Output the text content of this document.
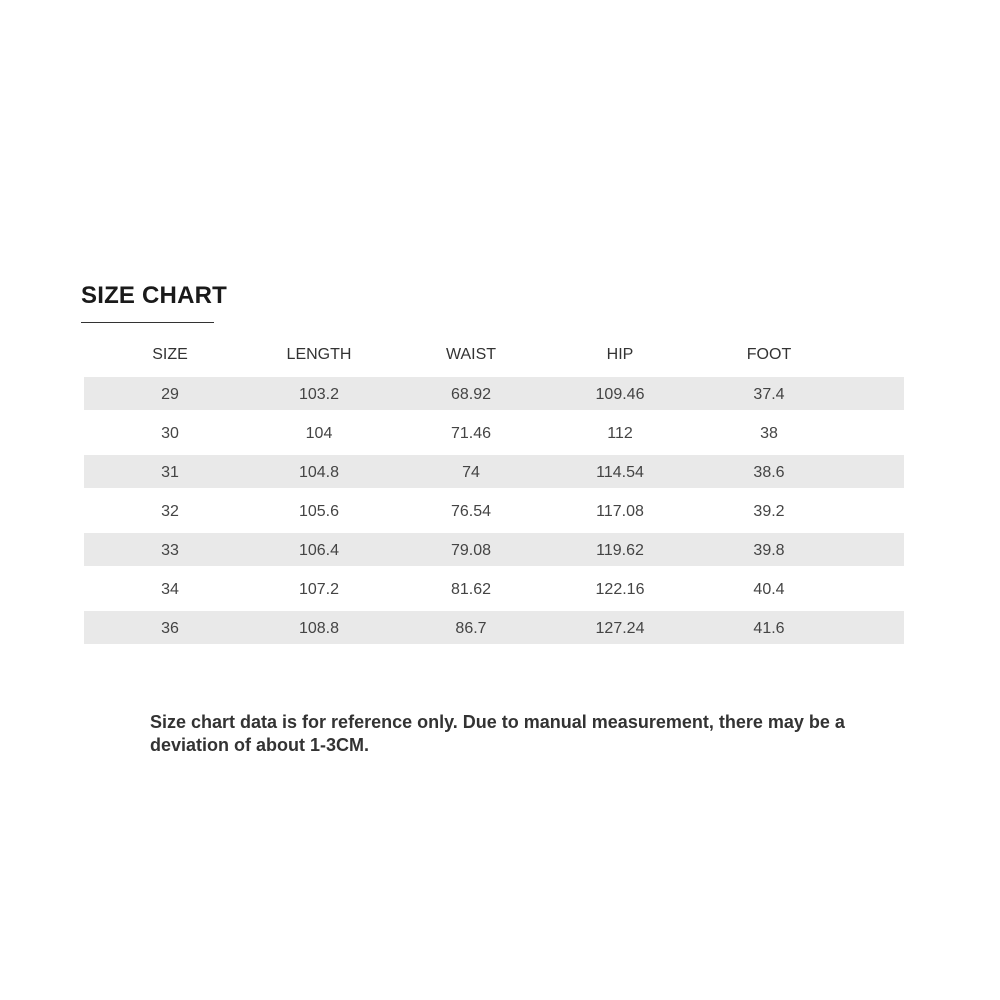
SIZE CHART
SIZE	LENGTH	WAIST	HIP	FOOT
29	103.2	68.92	109.46	37.4
30	104	71.46	112	38
31	104.8	74	114.54	38.6
32	105.6	76.54	117.08	39.2
33	106.4	79.08	119.62	39.8
34	107.2	81.62	122.16	40.4
36	108.8	86.7	127.24	41.6
Size chart data is for reference only. Due to manual measurement, there may be a deviation of about 1-3CM.
